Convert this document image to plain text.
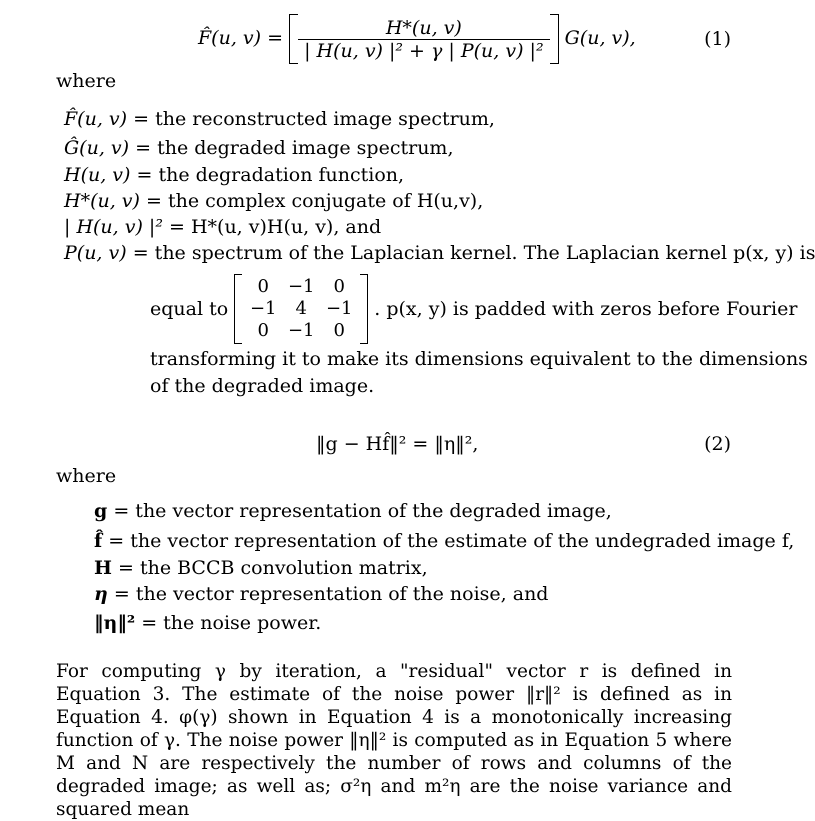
F̂(u, $v) = \frac{H*(u, v)}{\text{| H(u, v) |² + γ | P(u, v) |²}} G(u$, v),	(1)
where
F̂(u, v) = the reconstructed image spectrum,
Ĝ(u, v) = the degraded image spectrum,
H(u, v) = the degradation function,
H*(u, v) = the complex conjugate of H(u,v),
| H(u, v) |² = H*(u, v)H(u, v), and
P(u, v) = the spectrum of the Laplacian kernel. The Laplacian kernel p(x, y) is
equal to
0	−1	0
−1	4	−1
0	−1	0
. p(x, y) is padded with zeros before Fourier
transforming it to make its dimensions equivalent to the dimensions
of the degraded image.
‖g − Hf̂‖² = ‖η‖²,	(2)
where
g = the vector representation of the degraded image,
f̂ = the vector representation of the estimate of the undegraded image f,
H = the BCCB convolution matrix,
η = the vector representation of the noise, and
‖η‖² = the noise power.
For computing γ by iteration, a "residual" vector r is defined in Equation 3. The estimate of the noise power ‖r‖² is defined as in Equation 4. φ(γ) shown in Equation 4 is a monotonically increasing function of γ. The noise power ‖η‖² is computed as in Equation 5 where M and N are respectively the number of rows and columns of the degraded image; as well as; σ²η and m²η are the noise variance and squared mean
